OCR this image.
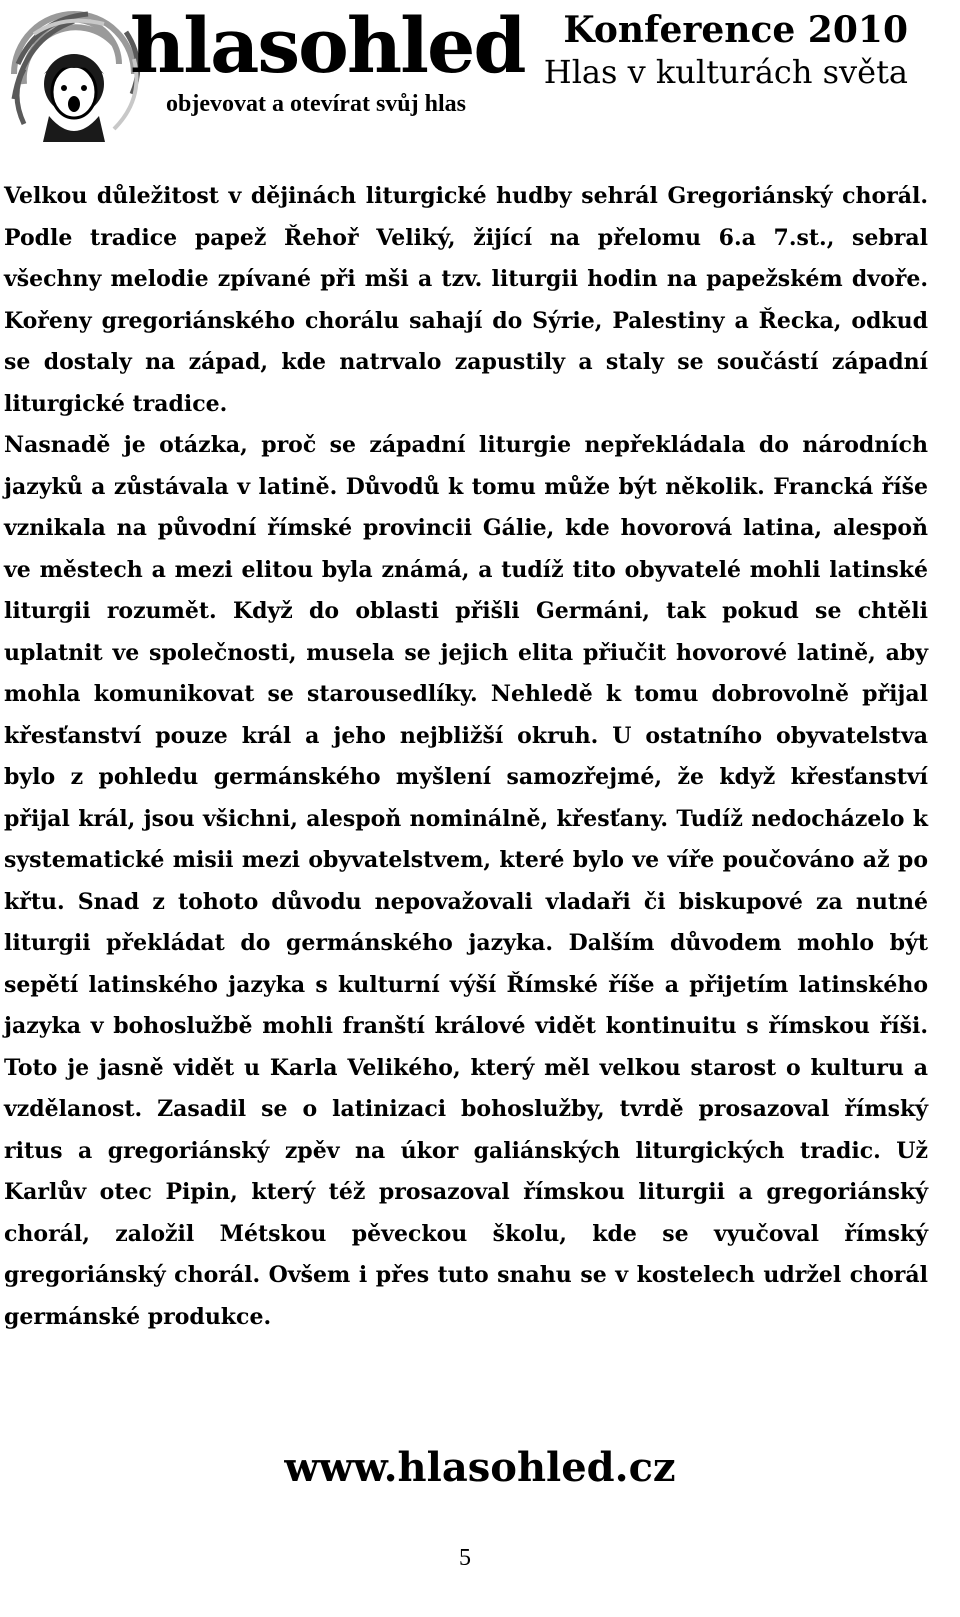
hlasohled
objevovat a otevírat svůj hlas
Konference 2010
Hlas v kulturách světa

Velkou důležitost v dějinách liturgické hudby sehrál Gregoriánský chorál. Podle tradice papež Řehoř Veliký, žijící na přelomu 6.a 7.st., sebral všechny melodie zpívané při mši a tzv. liturgii hodin na papežském dvoře. Kořeny gregoriánského chorálu sahají do Sýrie, Palestiny a Řecka, odkud se dostaly na západ, kde natrvalo zapustily a staly se součástí západní liturgické tradice.

Nasnadě je otázka, proč se západní liturgie nepřekládala do národních jazyků a zůstávala v latině. Důvodů k tomu může být několik. Francká říše vznikala na původní římské provincii Gálie, kde hovorová latina, alespoň ve městech a mezi elitou byla známá, a tudíž tito obyvatelé mohli latinské liturgii rozumět. Když do oblasti přišli Germáni, tak pokud se chtěli uplatnit ve společnosti, musela se jejich elita přiučit hovorové latině, aby mohla komunikovat se starousedlíky. Nehledě k tomu dobrovolně přijal křesťanství pouze král a jeho nejbližší okruh. U ostatního obyvatelstva bylo z pohledu germánského myšlení samozřejmé, že když křesťanství přijal král, jsou všichni, alespoň nominálně, křesťany. Tudíž nedocházelo k systematické misii mezi obyvatelstvem, které bylo ve víře poučováno až po křtu. Snad z tohoto důvodu nepovažovali vladaři či biskupové za nutné liturgii překládat do germánského jazyka. Dalším důvodem mohlo být sepětí latinského jazyka s kulturní výší Římské říše a přijetím latinského jazyka v bohoslužbě mohli franští králové vidět kontinuitu s římskou říši. Toto je jasně vidět u Karla Velikého, který měl velkou starost o kulturu a vzdělanost. Zasadil se o latinizaci bohoslužby, tvrdě prosazoval římský ritus a gregoriánský zpěv na úkor galiánských liturgických tradic. Už Karlův otec Pipin, který též prosazoval římskou liturgii a gregoriánský chorál, založil Métskou pěveckou školu, kde se vyučoval římský gregoriánský chorál. Ovšem i přes tuto snahu se v kostelech udržel chorál germánské produkce.

www.hlasohled.cz
5
